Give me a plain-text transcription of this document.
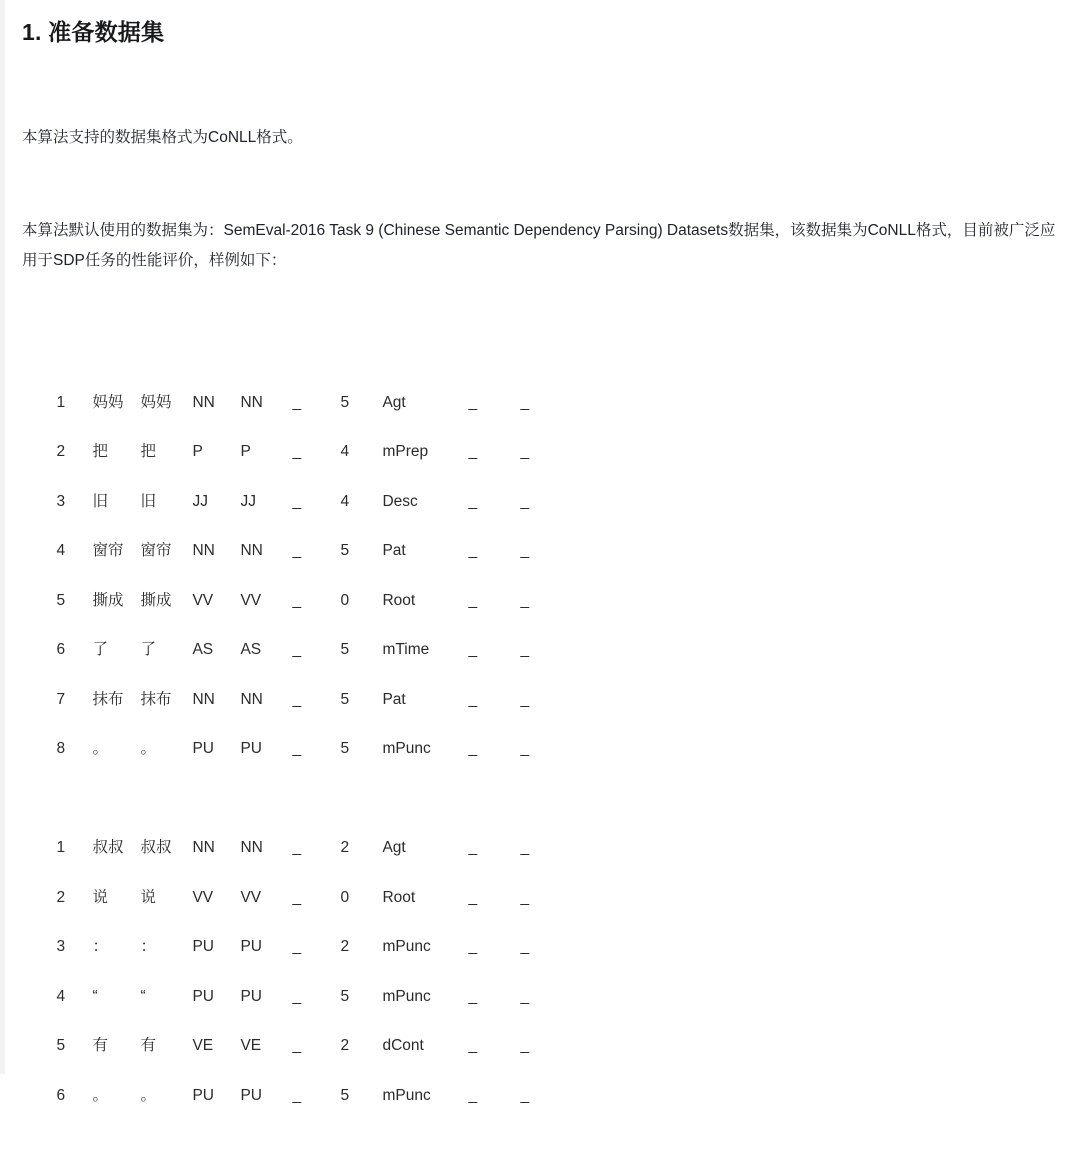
1. 准备数据集

本算法支持的数据集格式为CoNLL格式。

本算法默认使用的数据集为：SemEval-2016 Task 9 (Chinese Semantic Dependency Parsing) Datasets数据集，该数据集为CoNLL格式，目前被广泛应用于SDP任务的性能评价，样例如下：

1 妈妈 妈妈 NN NN _	5 Agt	_	_

2 把 把 P P	_	4 mPrep	_	_

3 旧 旧 JJ JJ _	4 Desc	_	_

4 窗帘 窗帘 NN NN _	5 Pat	_	_

5 撕成 撕成 VV VV _	0 Root	_	_

6 了 了 AS AS _	5 mTime	_	_

7 抹布 抹布 NN NN _	5 Pat	_	_

8 。 。 PU PU _	5 mPunc _	_

1 叔叔 叔叔 NN NN _	2 Agt	_	_

2 说 说 VV VV _	0 Root	_	_

3 ： ： PU PU _	2 mPunc _	_

4 “	“	PU PU _	5 mPunc _	_

5 有 有 VE VE _	2 dCont	_	_

6 。 。 PU PU _	5 mPunc _	_
